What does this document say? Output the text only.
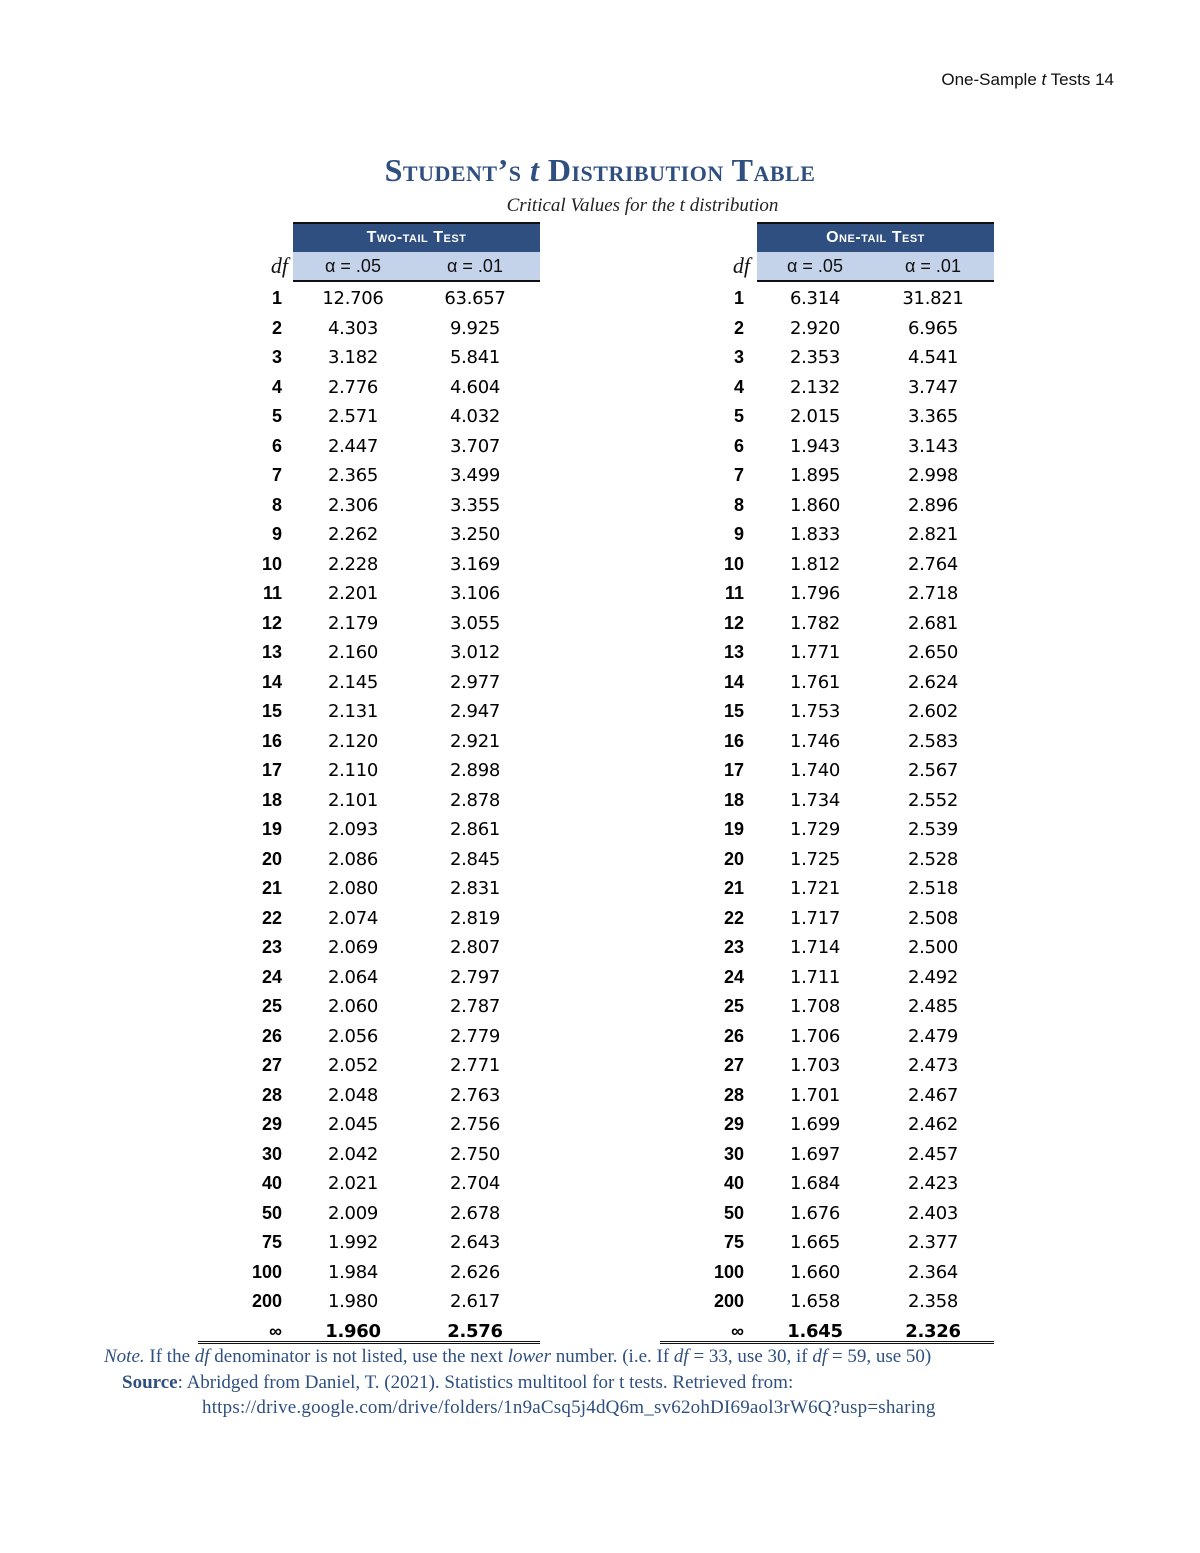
One-Sample t Tests 14
Student’s t Distribution Table
Critical Values for the t distribution
Two-tail Test
df	α = .05	α = .01
1	12.706	63.657
2	4.303	9.925
3	3.182	5.841
4	2.776	4.604
5	2.571	4.032
6	2.447	3.707
7	2.365	3.499
8	2.306	3.355
9	2.262	3.250
10	2.228	3.169
11	2.201	3.106
12	2.179	3.055
13	2.160	3.012
14	2.145	2.977
15	2.131	2.947
16	2.120	2.921
17	2.110	2.898
18	2.101	2.878
19	2.093	2.861
20	2.086	2.845
21	2.080	2.831
22	2.074	2.819
23	2.069	2.807
24	2.064	2.797
25	2.060	2.787
26	2.056	2.779
27	2.052	2.771
28	2.048	2.763
29	2.045	2.756
30	2.042	2.750
40	2.021	2.704
50	2.009	2.678
75	1.992	2.643
100	1.984	2.626
200	1.980	2.617
∞	1.960	2.576
One-tail Test
df	α = .05	α = .01
1	6.314	31.821
2	2.920	6.965
3	2.353	4.541
4	2.132	3.747
5	2.015	3.365
6	1.943	3.143
7	1.895	2.998
8	1.860	2.896
9	1.833	2.821
10	1.812	2.764
11	1.796	2.718
12	1.782	2.681
13	1.771	2.650
14	1.761	2.624
15	1.753	2.602
16	1.746	2.583
17	1.740	2.567
18	1.734	2.552
19	1.729	2.539
20	1.725	2.528
21	1.721	2.518
22	1.717	2.508
23	1.714	2.500
24	1.711	2.492
25	1.708	2.485
26	1.706	2.479
27	1.703	2.473
28	1.701	2.467
29	1.699	2.462
30	1.697	2.457
40	1.684	2.423
50	1.676	2.403
75	1.665	2.377
100	1.660	2.364
200	1.658	2.358
∞	1.645	2.326
Note. If the df denominator is not listed, use the next lower number. (i.e. If df = 33, use 30, if df = 59, use 50)
Source: Abridged from Daniel, T. (2021). Statistics multitool for t tests. Retrieved from:
https://drive.google.com/drive/folders/1n9aCsq5j4dQ6m_sv62ohDI69aol3rW6Q?usp=sharing
